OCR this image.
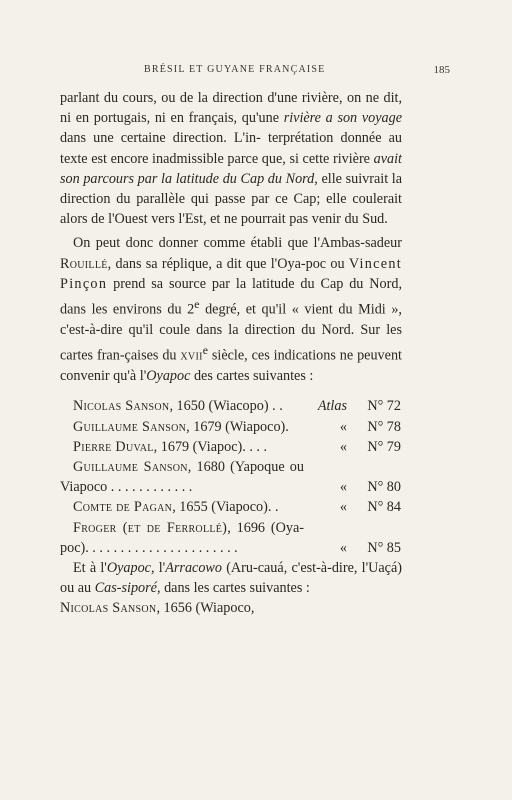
BRÉSIL ET GUYANE FRANÇAISE	185

parlant du cours, ou de la direction d'une rivière, on ne dit, ni en portugais, ni en français, qu'une rivière a son voyage dans une certaine direction. L'in- terprétation donnée au texte est encore inadmissible parce que, si cette rivière avait son parcours par la latitude du Cap du Nord, elle suivrait la direction du parallèle qui passe par ce Cap; elle coulerait alors de l'Ouest vers l'Est, et ne pourrait pas venir du Sud.

On peut donc donner comme établi que l'Ambas-sadeur Rouillé, dans sa réplique, a dit que l'Oya-poc ou Vincent Pinçon prend sa source par la latitude du Cap du Nord, dans les environs du 2e degré, et qu'il « vient du Midi », c'est-à-dire qu'il coule dans la direction du Nord. Sur les cartes fran-çaises du xvii$^e$ siècle, ces indications ne peuvent convenir qu'à l'Oyapoc des cartes suivantes :

Nicolas Sanson, 1650 (Wiacopo) . .	Atlas N° 72
Guillaume Sanson, 1679 (Wiapoco).	« N° 78
Pierre Duval, 1679 (Viapoc). . . .	« N° 79
Guillaume Sanson, 1680 (Yapoque ou Viapoco . . . . . . . . . . . .	« N° 80
Comte de Pagan, 1655 (Viapoco). .	« N° 84
Froger (et de Ferrollé), 1696 (Oya-poc). . . . . . . . . . . . . . . . . . . . . .	« N° 85

Et à l'Oyapoc, l'Arracowo (Aru-cauá, c'est-à-dire, l'Uaçá) ou au Cas-siporé, dans les cartes suivantes :

Nicolas Sanson, 1656 (Wiapoco,
